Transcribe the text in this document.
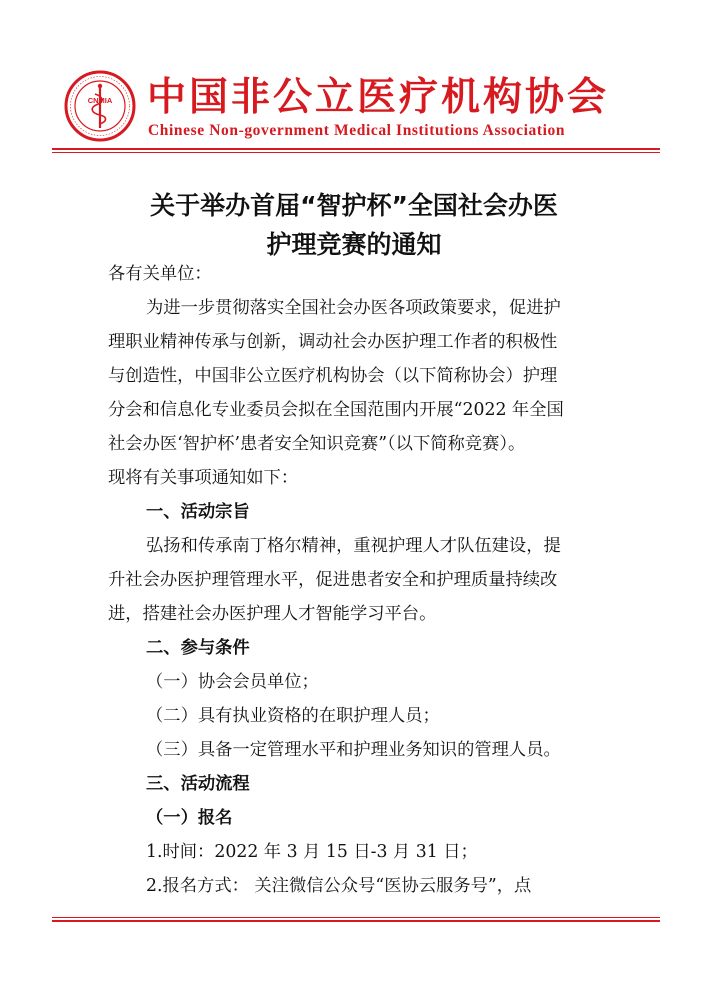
CNMIA 中国非公立医疗机构协会
Chinese Non-government Medical Institutions Association
关于举办首届“智护杯”全国社会办医
护理竞赛的通知
各有关单位：
为进一步贯彻落实全国社会办医各项政策要求，促进护
理职业精神传承与创新，调动社会办医护理工作者的积极性
与创造性，中国非公立医疗机构协会（以下简称协会）护理
分会和信息化专业委员会拟在全国范围内开展“2022 年全国
社会办医‘智护杯’患者安全知识竞赛”（以下简称竞赛）。
现将有关事项通知如下：
一、活动宗旨
弘扬和传承南丁格尔精神，重视护理人才队伍建设，提
升社会办医护理管理水平，促进患者安全和护理质量持续改
进，搭建社会办医护理人才智能学习平台。
二、参与条件
（一）协会会员单位；
（二）具有执业资格的在职护理人员；
（三）具备一定管理水平和护理业务知识的管理人员。
三、活动流程
（一）报名
1.时间：2022 年 3 月 15 日-3 月 31 日；
2.报名方式： 关注微信公众号“医协云服务号”，点
